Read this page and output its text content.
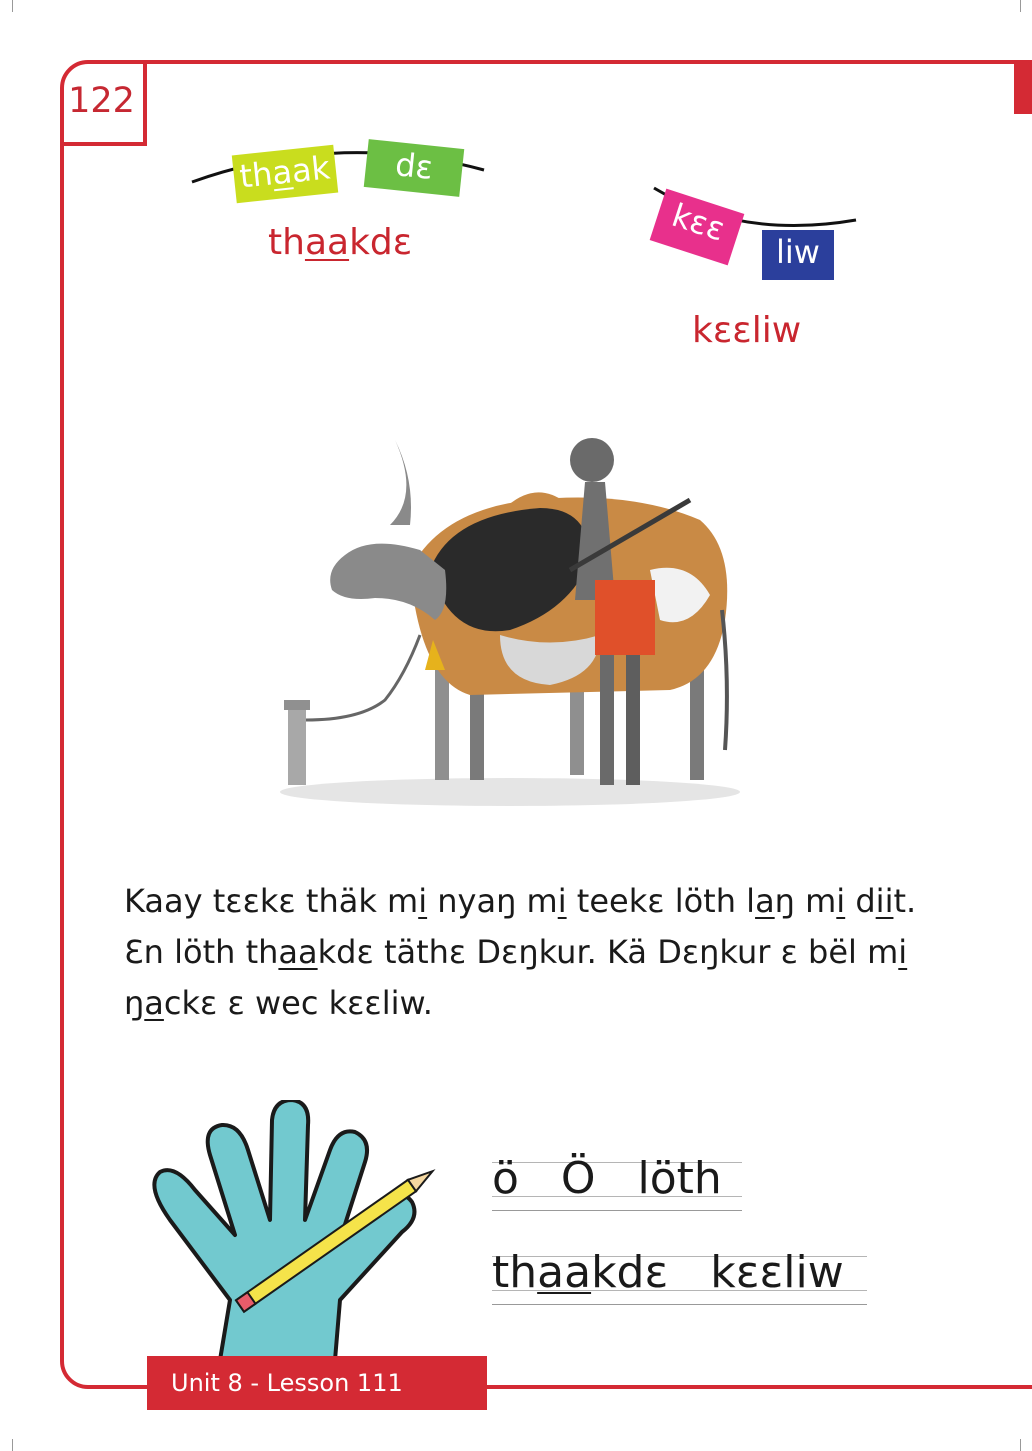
122
thaak	dɛ
thaakdɛ	kɛɛ
liw
kɛɛliw

Kaay tɛɛkɛ thäk mi nyaŋ mi teekɛ löth laŋ mi diit.

Ɛn löth thaakdɛ täthɛ Dɛŋkur. Kä Dɛŋkur ɛ bël mi

ŋackɛ ɛ wec kɛɛliw.

ö Ö löth
thaakdɛ kɛɛliw
Unit 8 - Lesson 111
